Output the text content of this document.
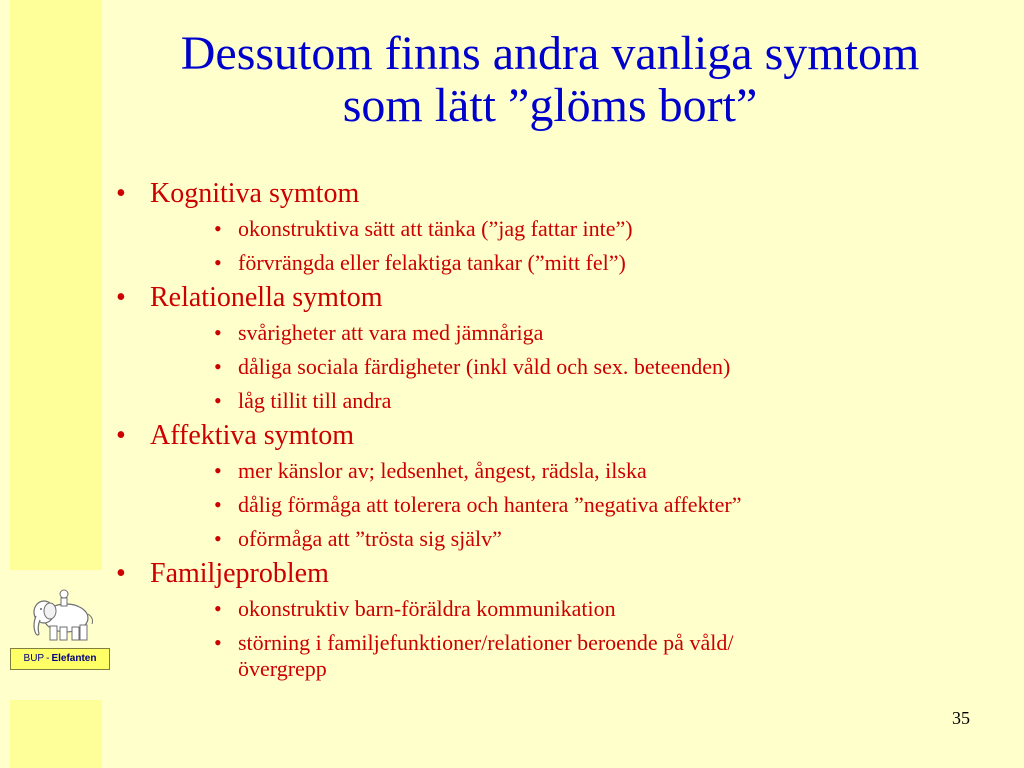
BUP - Elefanten
Dessutom finns andra vanliga symtom som lätt ”glöms bort”
• Kognitiva symtom
• okonstruktiva sätt att tänka (”jag fattar inte”)
• förvrängda eller felaktiga tankar (”mitt fel”)
• Relationella symtom
• svårigheter att vara med jämnåriga
• dåliga sociala färdigheter (inkl våld och sex. beteenden)
• låg tillit till andra
• Affektiva symtom
• mer känslor av; ledsenhet, ångest, rädsla, ilska
• dålig förmåga att tolerera och hantera ”negativa affekter”
• oförmåga att ”trösta sig själv”
• Familjeproblem
• okonstruktiv barn-föräldra kommunikation
• störning i familjefunktioner/relationer beroende på våld/övergrepp
35
